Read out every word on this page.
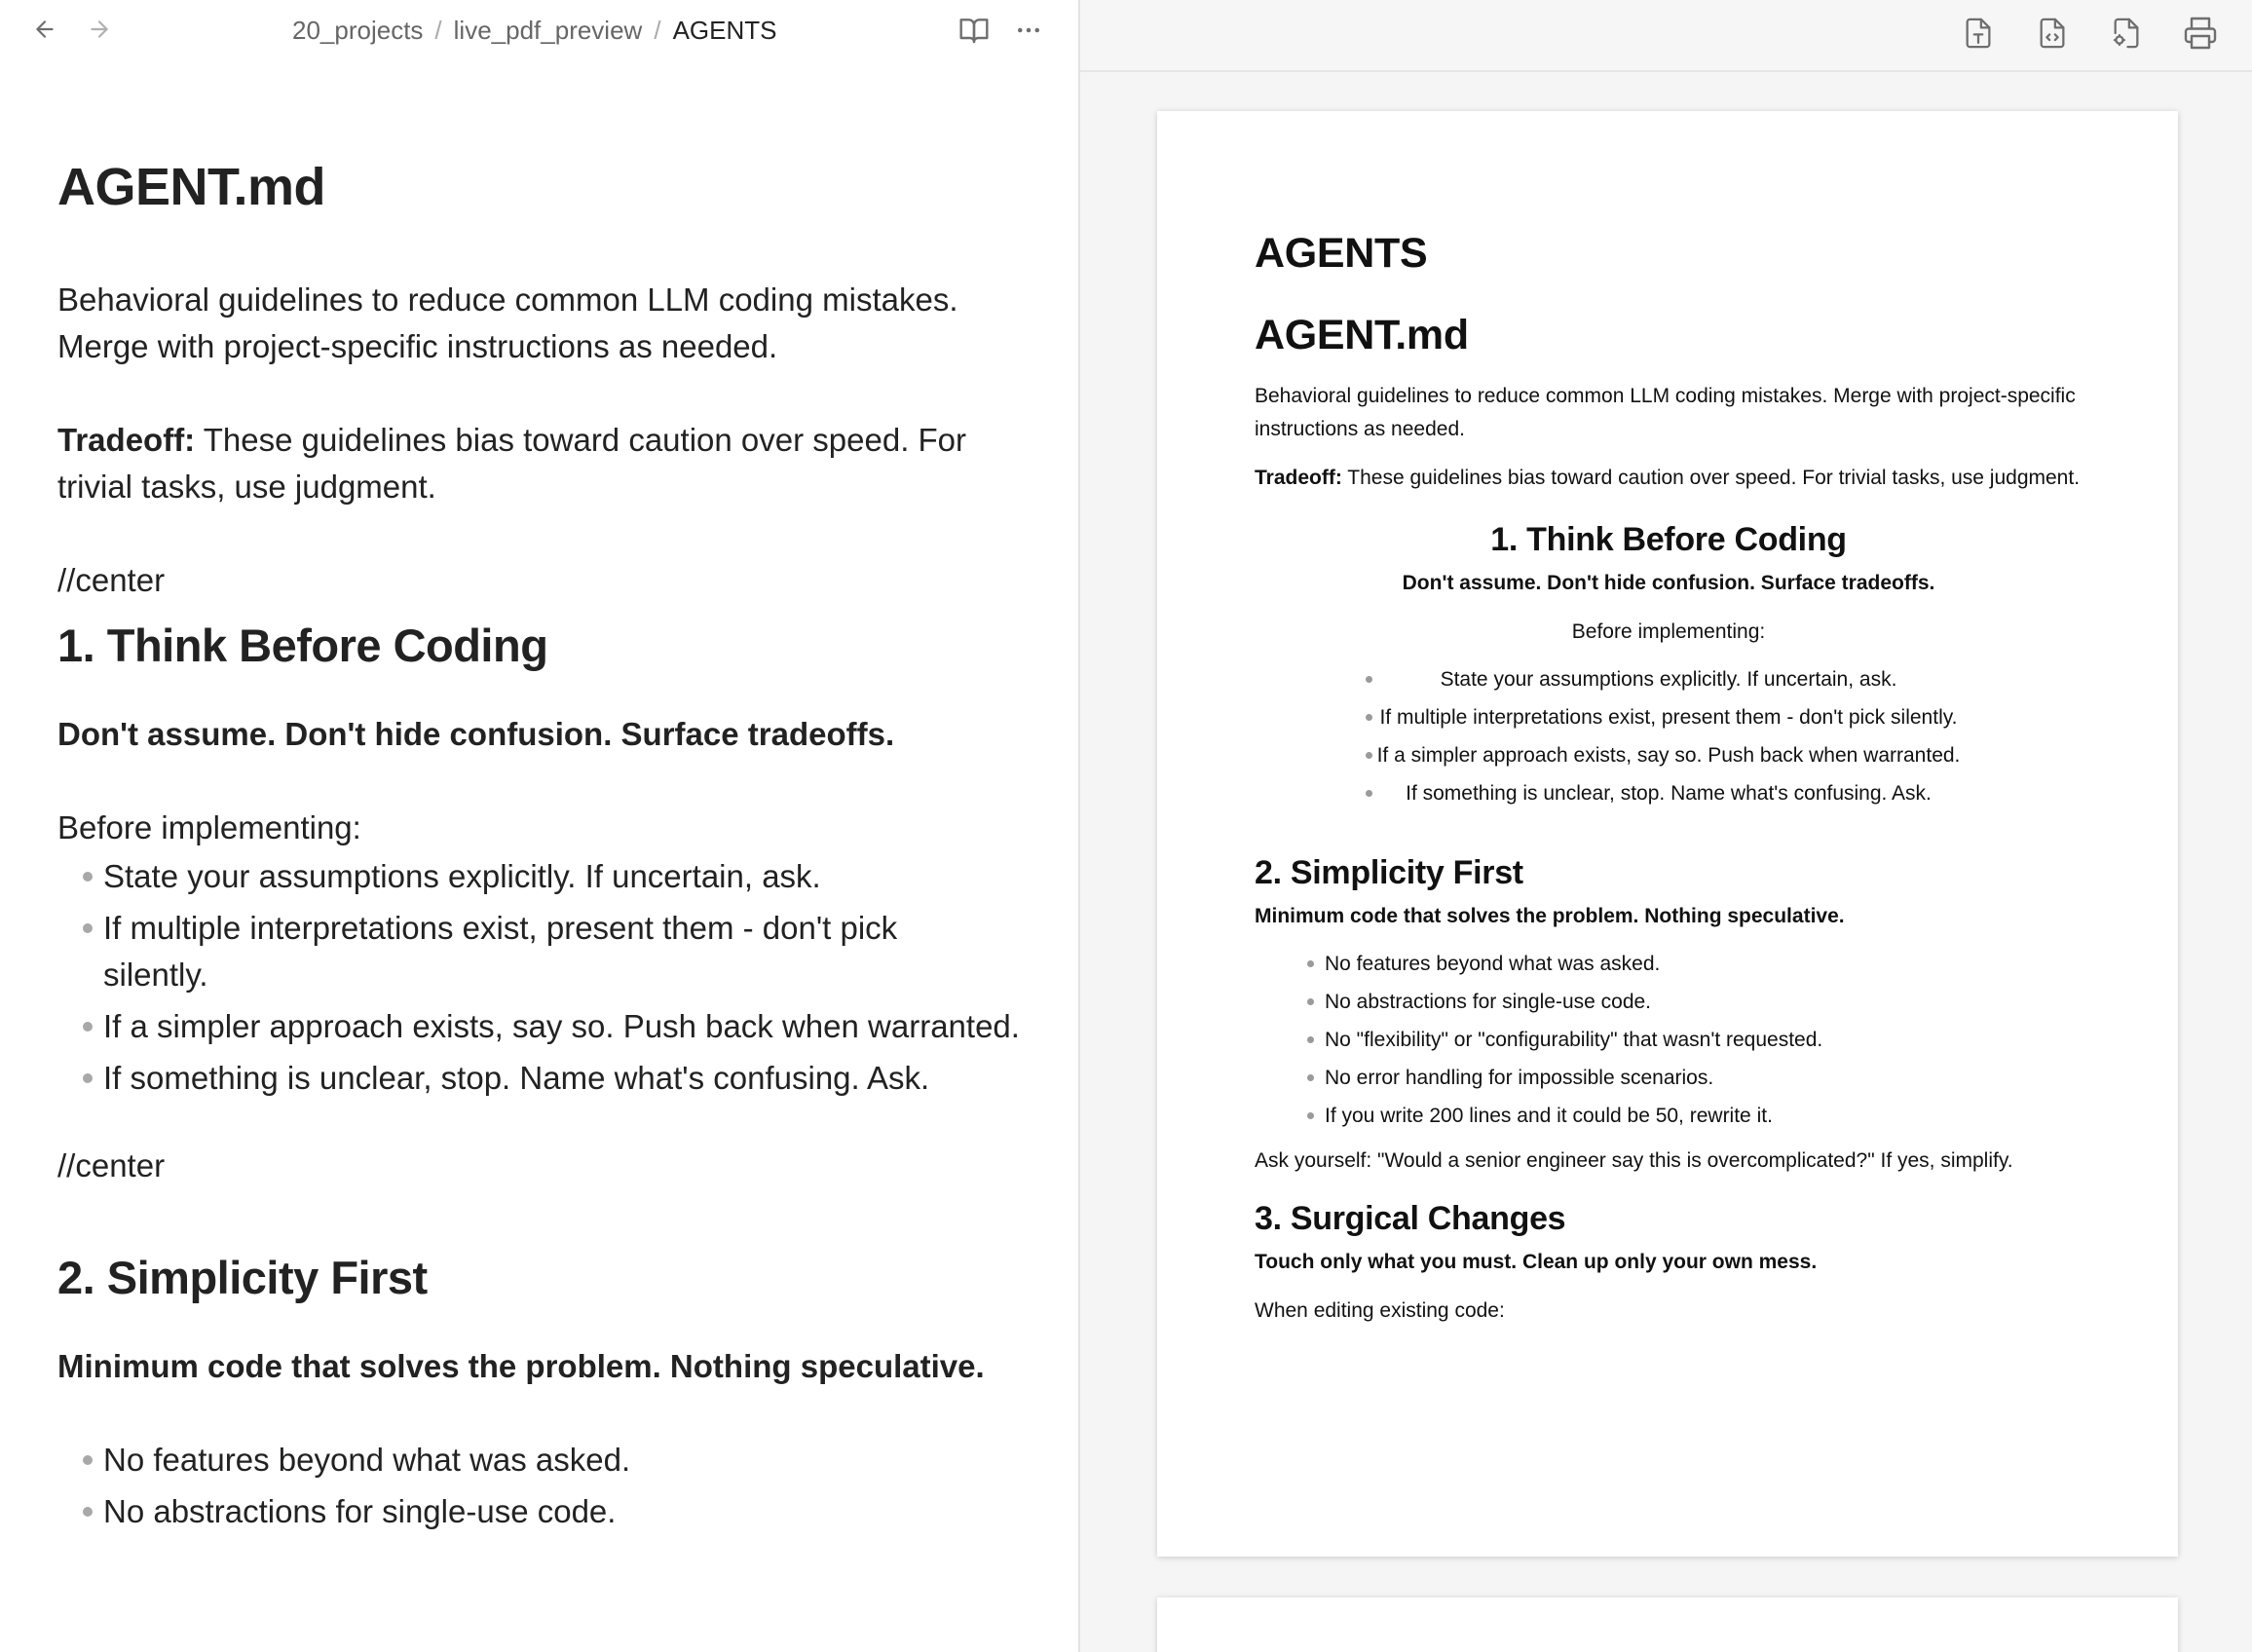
20_projects / live_pdf_preview / AGENTS
AGENT.md

Behavioral guidelines to reduce common LLM coding mistakes. Merge with project-specific instructions as needed.

Tradeoff: These guidelines bias toward caution over speed. For trivial tasks, use judgment.

//center

1. Think Before Coding

Don't assume. Don't hide confusion. Surface tradeoffs.

Before implementing:

State your assumptions explicitly. If uncertain, ask.
If multiple interpretations exist, present them - don't pick silently.
If a simpler approach exists, say so. Push back when warranted.
If something is unclear, stop. Name what's confusing. Ask.

//center

2. Simplicity First

Minimum code that solves the problem. Nothing speculative.

No features beyond what was asked.
No abstractions for single-use code.
AGENTS
AGENT.md

Behavioral guidelines to reduce common LLM coding mistakes. Merge with project-specific instructions as needed.

Tradeoff: These guidelines bias toward caution over speed. For trivial tasks, use judgment.

1. Think Before Coding

Don't assume. Don't hide confusion. Surface tradeoffs.

Before implementing:

State your assumptions explicitly. If uncertain, ask.
If multiple interpretations exist, present them - don't pick silently.
If a simpler approach exists, say so. Push back when warranted.
If something is unclear, stop. Name what's confusing. Ask.
2. Simplicity First

Minimum code that solves the problem. Nothing speculative.

No features beyond what was asked.
No abstractions for single-use code.
No "flexibility" or "configurability" that wasn't requested.
No error handling for impossible scenarios.
If you write 200 lines and it could be 50, rewrite it.

Ask yourself: "Would a senior engineer say this is overcomplicated?" If yes, simplify.

3. Surgical Changes

Touch only what you must. Clean up only your own mess.

When editing existing code:
